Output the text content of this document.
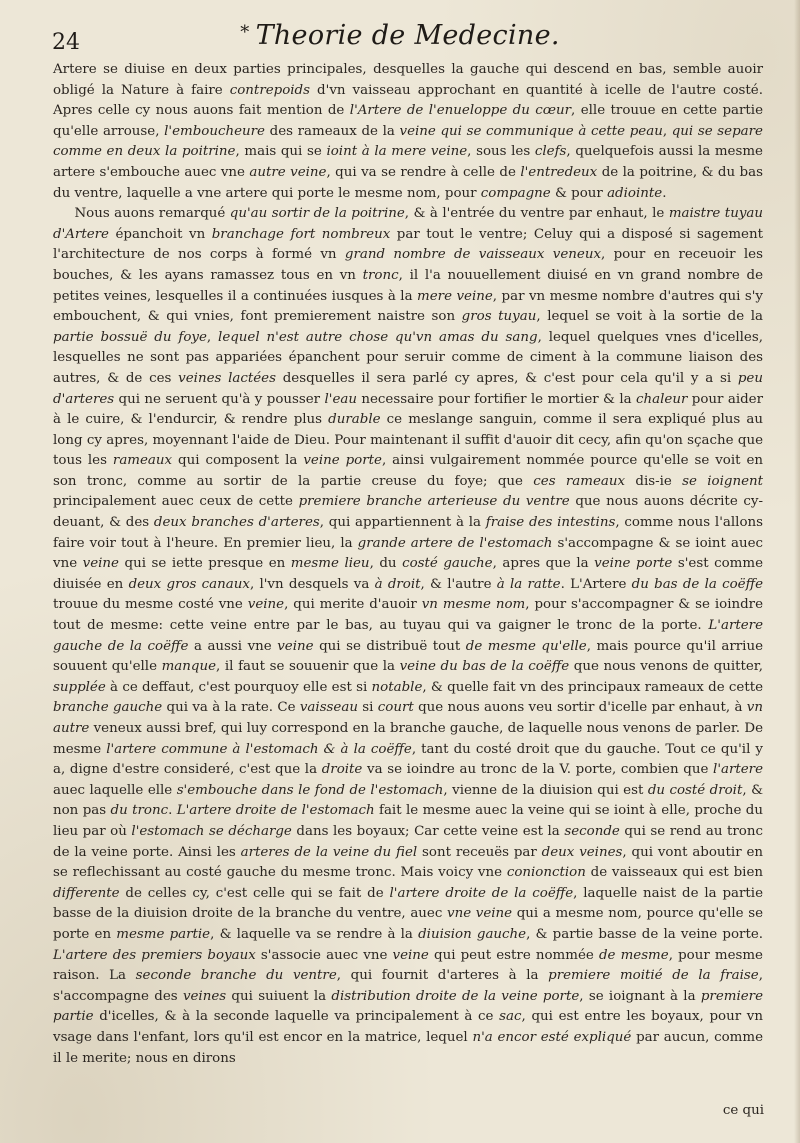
24	* Theorie de Medecine.

Artere se diuise en deux parties principales, desquelles la gauche qui descend en bas, semble auoir obligé la Nature à faire contrepoids d'vn vaisseau approchant en quantité à icelle de l'autre costé. Apres celle cy nous auons fait mention de l'Artere de l'enueloppe du cœur, elle trouue en cette partie qu'elle arrouse, l'emboucheure des rameaux de la veine qui se communique à cette peau, qui se separe comme en deux la poitrine, mais qui se ioint à la mere veine, sous les clefs, quelquefois aussi la mesme artere s'embouche auec vne autre veine, qui va se rendre à celle de l'entredeux de la poitrine, & du bas du ventre, laquelle a vne artere qui porte le mesme nom, pour compagne & pour adiointe.

Nous auons remarqué qu'au sortir de la poitrine, & à l'entrée du ventre par enhaut, le maistre tuyau d'Artere épanchoit vn branchage fort nombreux par tout le ventre; Celuy qui a disposé si sagement l'architecture de nos corps à formé vn grand nombre de vaisseaux veneux, pour en receuoir les bouches, & les ayans ramassez tous en vn tronc, il l'a nouuellement diuisé en vn grand nombre de petites veines, lesquelles il a continuées iusques à la mere veine, par vn mesme nombre d'autres qui s'y embouchent, & qui vnies, font premierement naistre son gros tuyau, lequel se voit à la sortie de la partie bossuë du foye, lequel n'est autre chose qu'vn amas du sang, lequel quelques vnes d'icelles, lesquelles ne sont pas appariées épanchent pour seruir comme de ciment à la commune liaison des autres, & de ces veines lactées desquelles il sera parlé cy apres, & c'est pour cela qu'il y a si peu d'arteres qui ne seruent qu'à y pousser l'eau necessaire pour fortifier le mortier & la chaleur pour aider à le cuire, & l'endurcir, & rendre plus durable ce meslange sanguin, comme il sera expliqué plus au long cy apres, moyennant l'aide de Dieu. Pour maintenant il suffit d'auoir dit cecy, afin qu'on sçache que tous les rameaux qui composent la veine porte, ainsi vulgairement nommée pource qu'elle se voit en son tronc, comme au sortir de la partie creuse du foye; que ces rameaux dis-ie se ioignent principalement auec ceux de cette premiere branche arterieuse du ventre que nous auons décrite cy-deuant, & des deux branches d'arteres, qui appartiennent à la fraise des intestins, comme nous l'allons faire voir tout à l'heure. En premier lieu, la grande artere de l'estomach s'accompagne & se ioint auec vne veine qui se iette presque en mesme lieu, du costé gauche, apres que la veine porte s'est comme diuisée en deux gros canaux, l'vn desquels va à droit, & l'autre à la ratte. L'Artere du bas de la coëffe trouue du mesme costé vne veine, qui merite d'auoir vn mesme nom, pour s'accompagner & se ioindre tout de mesme: cette veine entre par le bas, au tuyau qui va gaigner le tronc de la porte. L'artere gauche de la coëffe a aussi vne veine qui se distribuë tout de mesme qu'elle, mais pource qu'il arriue souuent qu'elle manque, il faut se souuenir que la veine du bas de la coëffe que nous venons de quitter, supplée à ce deffaut, c'est pourquoy elle est si notable, & quelle fait vn des principaux rameaux de cette branche gauche qui va à la rate. Ce vaisseau si court que nous auons veu sortir d'icelle par enhaut, à vn autre veneux aussi bref, qui luy correspond en la branche gauche, de laquelle nous venons de parler. De mesme l'artere commune à l'estomach & à la coëffe, tant du costé droit que du gauche. Tout ce qu'il y a, digne d'estre consideré, c'est que la droite va se ioindre au tronc de la V. porte, combien que l'artere auec laquelle elle s'embouche dans le fond de l'estomach, vienne de la diuision qui est du costé droit, & non pas du tronc. L'artere droite de l'estomach fait le mesme auec la veine qui se ioint à elle, proche du lieu par où l'estomach se décharge dans les boyaux; Car cette veine est la seconde qui se rend au tronc de la veine porte. Ainsi les arteres de la veine du fiel sont receuës par deux veines, qui vont aboutir en se reflechissant au costé gauche du mesme tronc. Mais voicy vne conionction de vaisseaux qui est bien differente de celles cy, c'est celle qui se fait de l'artere droite de la coëffe, laquelle naist de la partie basse de la diuision droite de la branche du ventre, auec vne veine qui a mesme nom, pource qu'elle se porte en mesme partie, & laquelle va se rendre à la diuision gauche, & partie basse de la veine porte. L'artere des premiers boyaux s'associe auec vne veine qui peut estre nommée de mesme, pour mesme raison. La seconde branche du ventre, qui fournit d'arteres à la premiere moitié de la fraise, s'accompagne des veines qui suiuent la distribution droite de la veine porte, se ioignant à la premiere partie d'icelles, & à la seconde laquelle va principalement à ce sac, qui est entre les boyaux, pour vn vsage dans l'enfant, lors qu'il est encor en la matrice, lequel n'a encor esté expliqué par aucun, comme il le merite; nous en dirons

ce qui
